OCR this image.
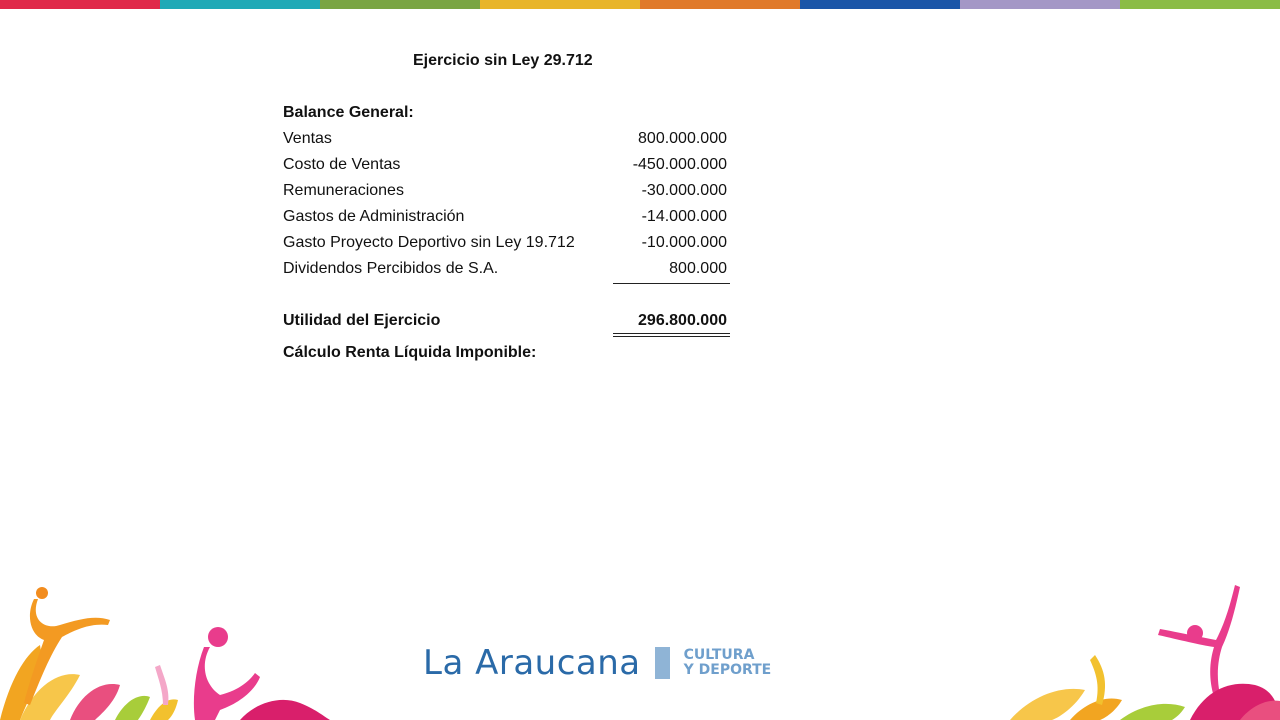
Ejercicio sin Ley 29.712
Balance General:
Ventas	800.000.000
Costo de Ventas	-450.000.000
Remuneraciones	-30.000.000
Gastos de Administración	-14.000.000
Gasto Proyecto Deportivo sin Ley 19.712	-10.000.000
Dividendos Percibidos de S.A.	800.000
Utilidad del Ejercicio	296.800.000
Cálculo Renta Líquida Imponible:
La Araucana	CULTURA
Y DEPORTE
